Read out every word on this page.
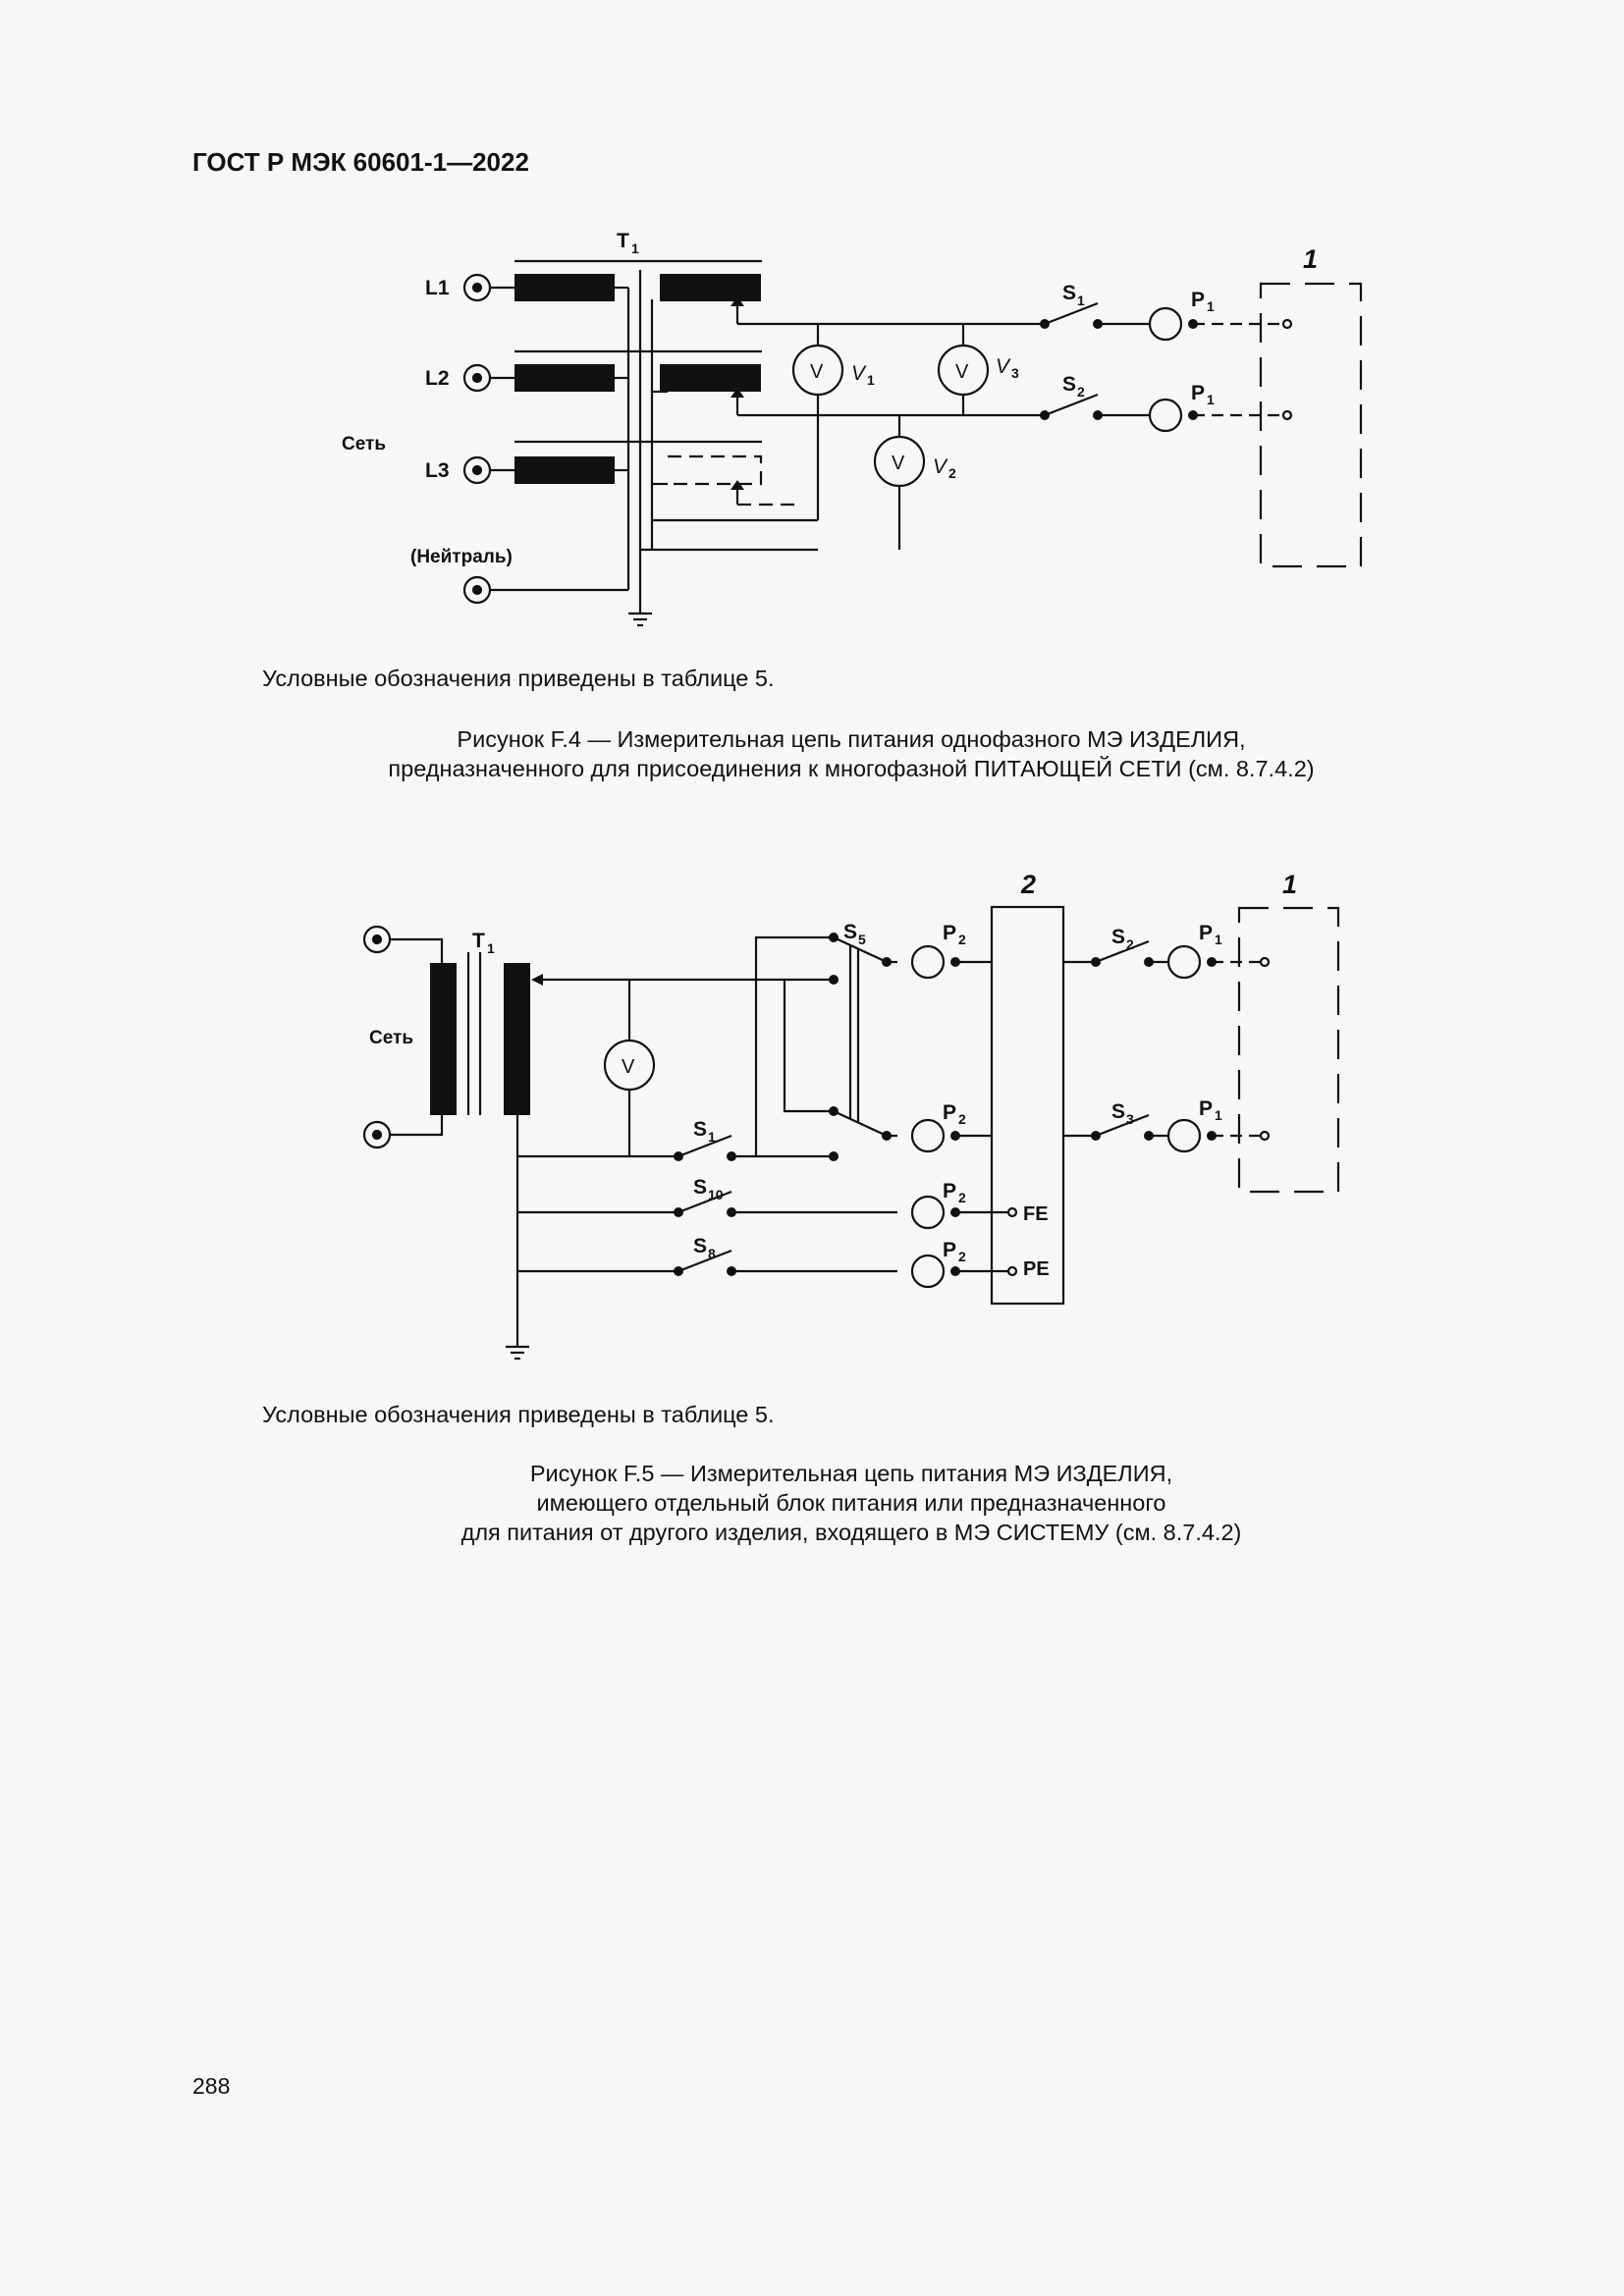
ГОСТ Р МЭК 60601-1—2022
T 1
L1
L2
L3
Сеть
(Нейтраль)
V	V
V
V 1
V 3
V 2
S 1
S 2
P 1
P 1
1
Условные обозначения приведены в таблице 5.
Рисунок F.4 — Измерительная цепь питания однофазного МЭ ИЗДЕЛИЯ,
предназначенного для присоединения к многофазной ПИТАЮЩЕЙ СЕТИ (см. 8.7.4.2)
T 1
Сеть
V
S 5
S 1
S 10
S 8
S 2
S 3
P 2
P 2
P 2
P 2
P 1
P 1
FE
PE
2	1
Условные обозначения приведены в таблице 5.
Рисунок F.5 — Измерительная цепь питания МЭ ИЗДЕЛИЯ,
имеющего отдельный блок питания или предназначенного
для питания от другого изделия, входящего в МЭ СИСТЕМУ (см. 8.7.4.2)
288
